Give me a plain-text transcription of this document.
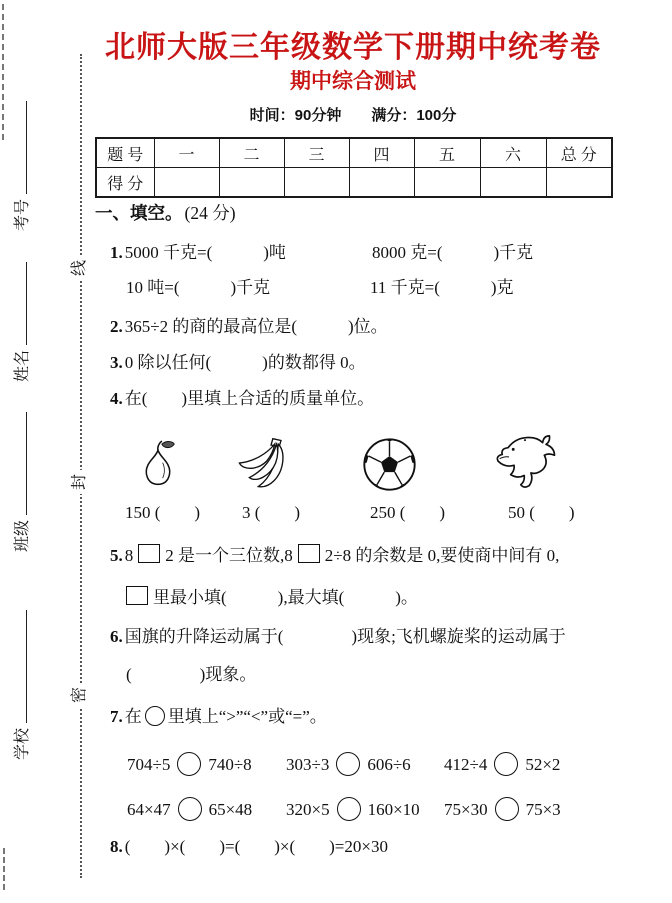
考号
姓名
班级
学校
线
封
密
北师大版三年级数学下册期中统考卷
期中综合测试
时间：90分钟　　满分：100分
题 号	一	二	三	四	五	六	总 分
得 分							
一、填空。 (24 分)
1. 5000 千克=(　　　)吨	8000 克=(　　　)千克
10 吨=(　　　)千克	11 千克=(　　　)克
2. 365÷2 的商的最高位是(　　　)位。
3. 0 除以任何(　　　)的数都得 0。
4. 在(　　)里填上合适的质量单位。
150 (　　) 3 (　　)	250 (　　)	50 (　　)
5. 8 2 是一个三位数,8 2÷8 的余数是 0,要使商中间有 0,
里最小填(　　　),最大填(　　　)。
6. 国旗的升降运动属于(　　　　)现象;飞机螺旋桨的运动属于
(　　　　)现象。
7. 在 里填上“>”“<”或“=”。
704÷5 740÷8 303÷3 606÷6 412÷4 52×2
64×47 65×48 320×5 160×10 75×30 75×3
8. (　　)×(　　)=(　　)×(　　)=20×30
